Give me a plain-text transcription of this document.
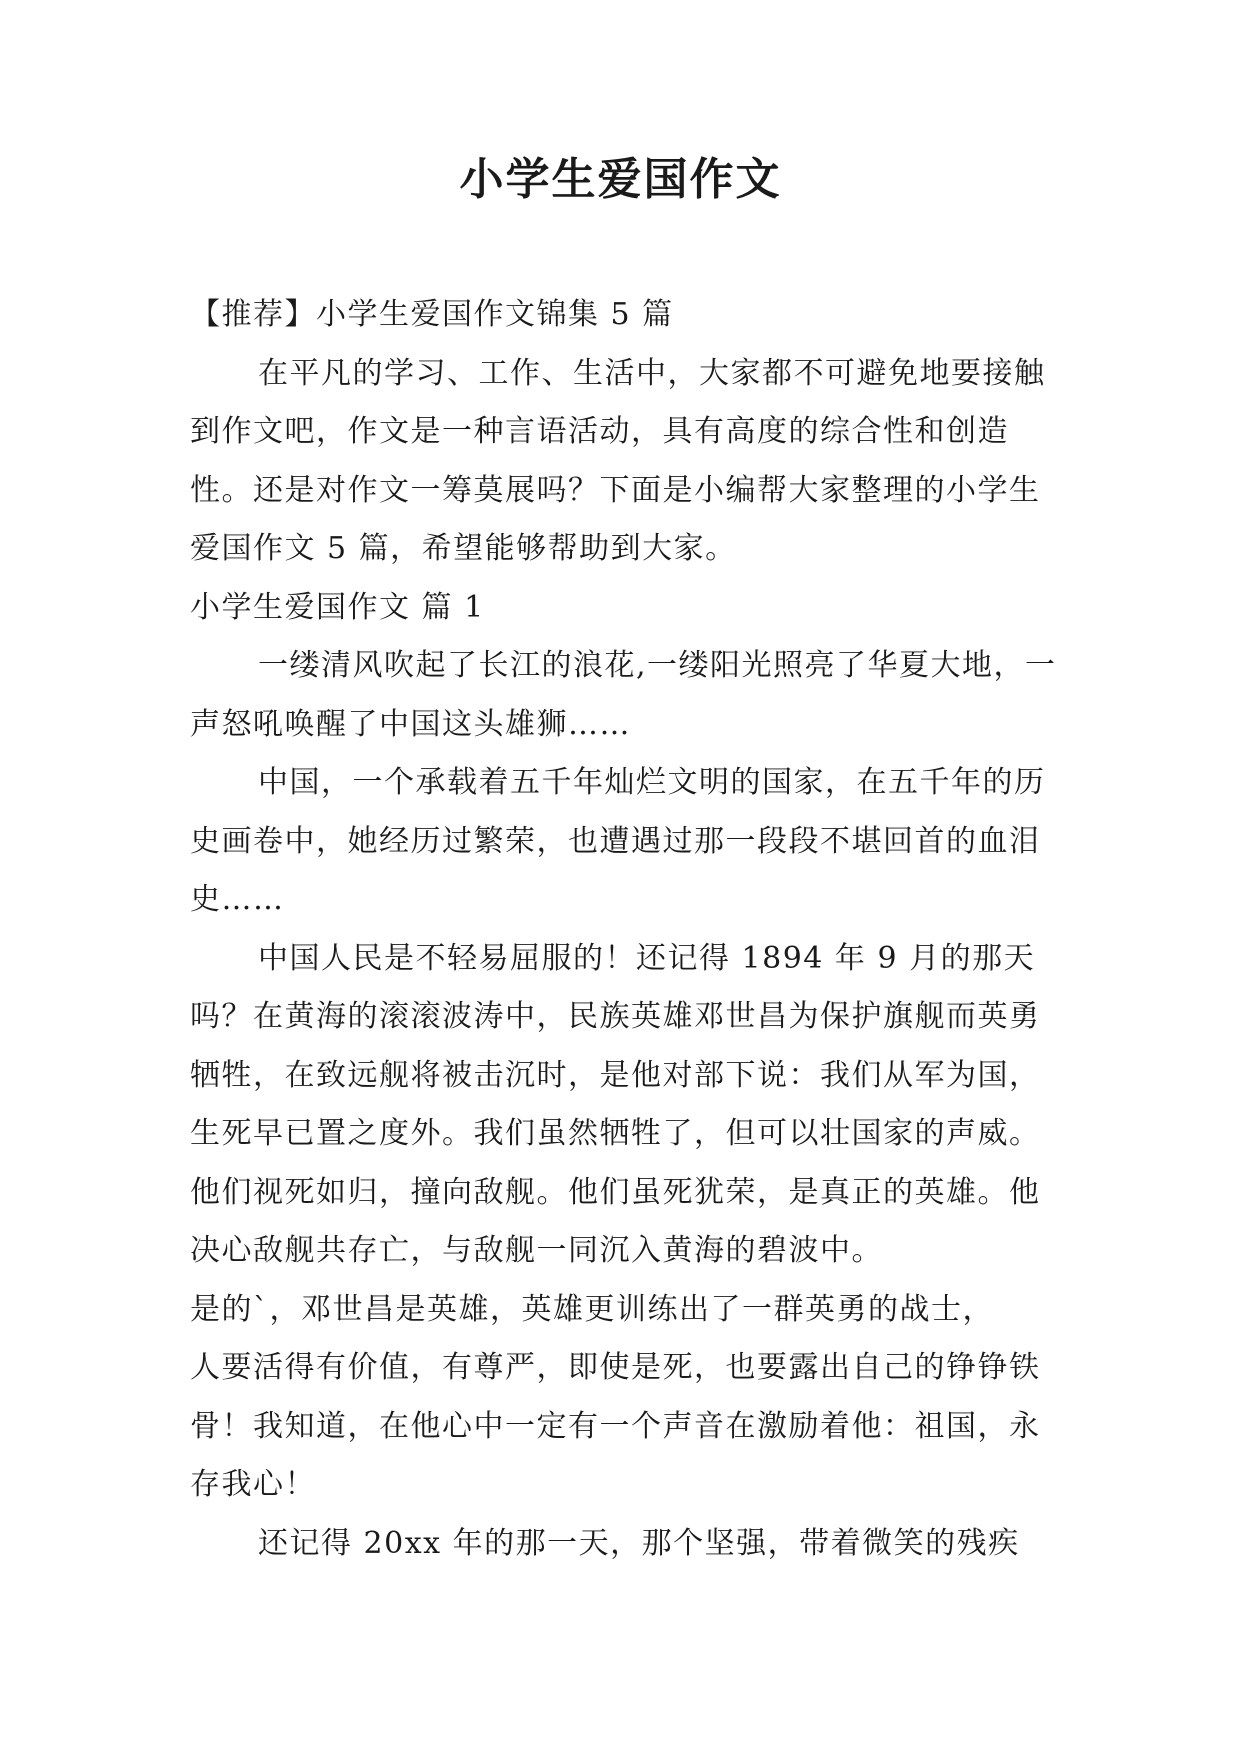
小学生爱国作文

【推荐】小学生爱国作文锦集 5 篇

在平凡的学习、工作、生活中，大家都不可避免地要接触到作文吧，作文是一种言语活动，具有高度的综合性和创造性。还是对作文一筹莫展吗？下面是小编帮大家整理的小学生爱国作文 5 篇，希望能够帮助到大家。

小学生爱国作文 篇 1

一缕清风吹起了长江的浪花,一缕阳光照亮了华夏大地，一声怒吼唤醒了中国这头雄狮……

中国，一个承载着五千年灿烂文明的国家，在五千年的历史画卷中，她经历过繁荣，也遭遇过那一段段不堪回首的血泪史……

中国人民是不轻易屈服的！还记得 1894 年 9 月的那天吗？在黄海的滚滚波涛中，民族英雄邓世昌为保护旗舰而英勇牺牲，在致远舰将被击沉时，是他对部下说：我们从军为国，生死早已置之度外。我们虽然牺牲了，但可以壮国家的声威。他们视死如归，撞向敌舰。他们虽死犹荣，是真正的英雄。他决心敌舰共存亡，与敌舰一同沉入黄海的碧波中。

是的`，邓世昌是英雄，英雄更训练出了一群英勇的战士，

人要活得有价值，有尊严，即使是死，也要露出自己的铮铮铁骨！我知道，在他心中一定有一个声音在激励着他：祖国，永存我心！

还记得 20xx 年的那一天，那个坚强，带着微笑的残疾
